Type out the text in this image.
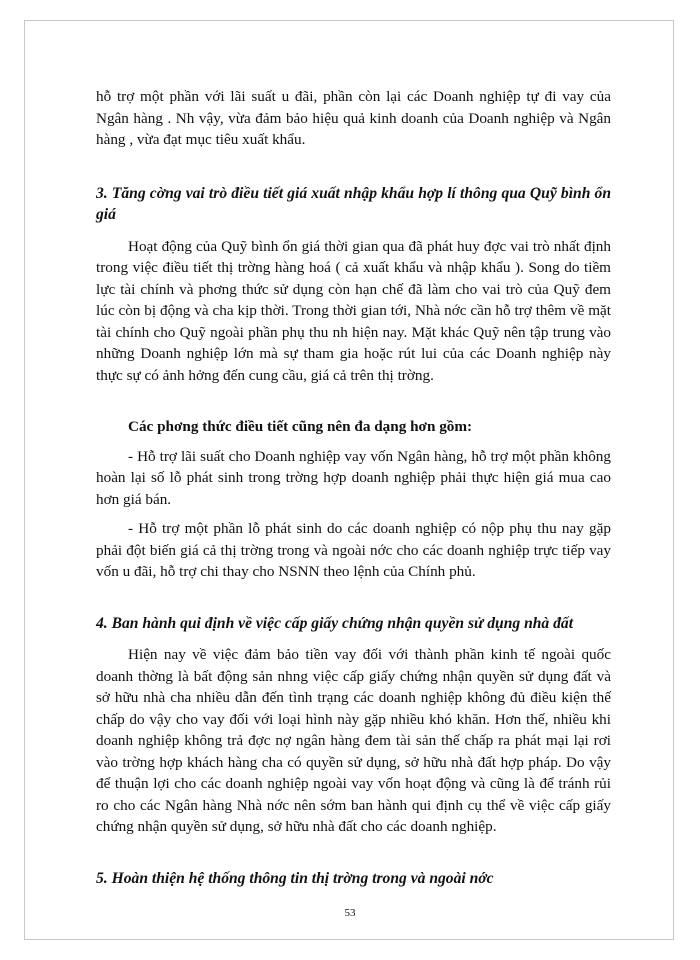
hỗ trợ một phần với lãi suất u đãi, phần còn lại các Doanh nghiệp tự đi vay của Ngân hàng . Nh vậy, vừa đảm bảo hiệu quả kinh doanh của Doanh nghiệp và Ngân hàng , vừa đạt mục tiêu xuất khẩu.

3. Tăng cờng vai trò điều tiết giá xuất nhập khẩu hợp lí thông qua Quỹ bình ổn giá

Hoạt động của Quỹ bình ổn giá thời gian qua đã phát huy đợc vai trò nhất định trong việc điều tiết thị trờng hàng hoá ( cả xuất khẩu và nhập khẩu ). Song do tiềm lực tài chính và phơng thức sử dụng còn hạn chế đã làm cho vai trò của Quỹ đem lúc còn bị động và cha kịp thời. Trong thời gian tới, Nhà nớc cần hỗ trợ thêm về mặt tài chính cho Quỹ ngoài phần phụ thu nh hiện nay. Mặt khác Quỹ nên tập trung vào những Doanh nghiệp lớn mà sự tham gia hoặc rút lui của các Doanh nghiệp này thực sự có ảnh hởng đến cung cầu, giá cả trên thị trờng.

Các phơng thức điều tiết cũng nên đa dạng hơn gồm:

- Hỗ trợ lãi suất cho Doanh nghiệp vay vốn Ngân hàng, hỗ trợ một phần không hoàn lại số lỗ phát sinh trong trờng hợp doanh nghiệp phải thực hiện giá mua cao hơn giá bán.

- Hỗ trợ một phần lỗ phát sinh do các doanh nghiệp có nộp phụ thu nay gặp phải đột biến giá cả thị trờng trong và ngoài nớc cho các doanh nghiệp trực tiếp vay vốn u đãi, hỗ trợ chi thay cho NSNN theo lệnh của Chính phủ.

4. Ban hành qui định về việc cấp giấy chứng nhận quyền sử dụng nhà đất

Hiện nay về việc đảm bảo tiền vay đối với thành phần kinh tế ngoài quốc doanh thờng là bất động sản nhng việc cấp giấy chứng nhận quyền sử dụng đất và sở hữu nhà cha nhiều dẫn đến tình trạng các doanh nghiệp không đủ điều kiện thế chấp do vậy cho vay đối với loại hình này gặp nhiều khó khăn. Hơn thế, nhiều khi doanh nghiệp không trả đợc nợ ngân hàng đem tài sản thế chấp ra phát mại lại rơi vào trờng hợp khách hàng cha có quyền sử dụng, sở hữu nhà đất hợp pháp. Do vậy để thuận lợi cho các doanh nghiệp ngoài vay vốn hoạt động và cũng là để tránh rủi ro cho các Ngân hàng Nhà nớc nên sớm ban hành qui định cụ thể về việc cấp giấy chứng nhận quyền sử dụng, sở hữu nhà đất cho các doanh nghiệp.

5. Hoàn thiện hệ thống thông tin thị trờng trong và ngoài nớc

53
